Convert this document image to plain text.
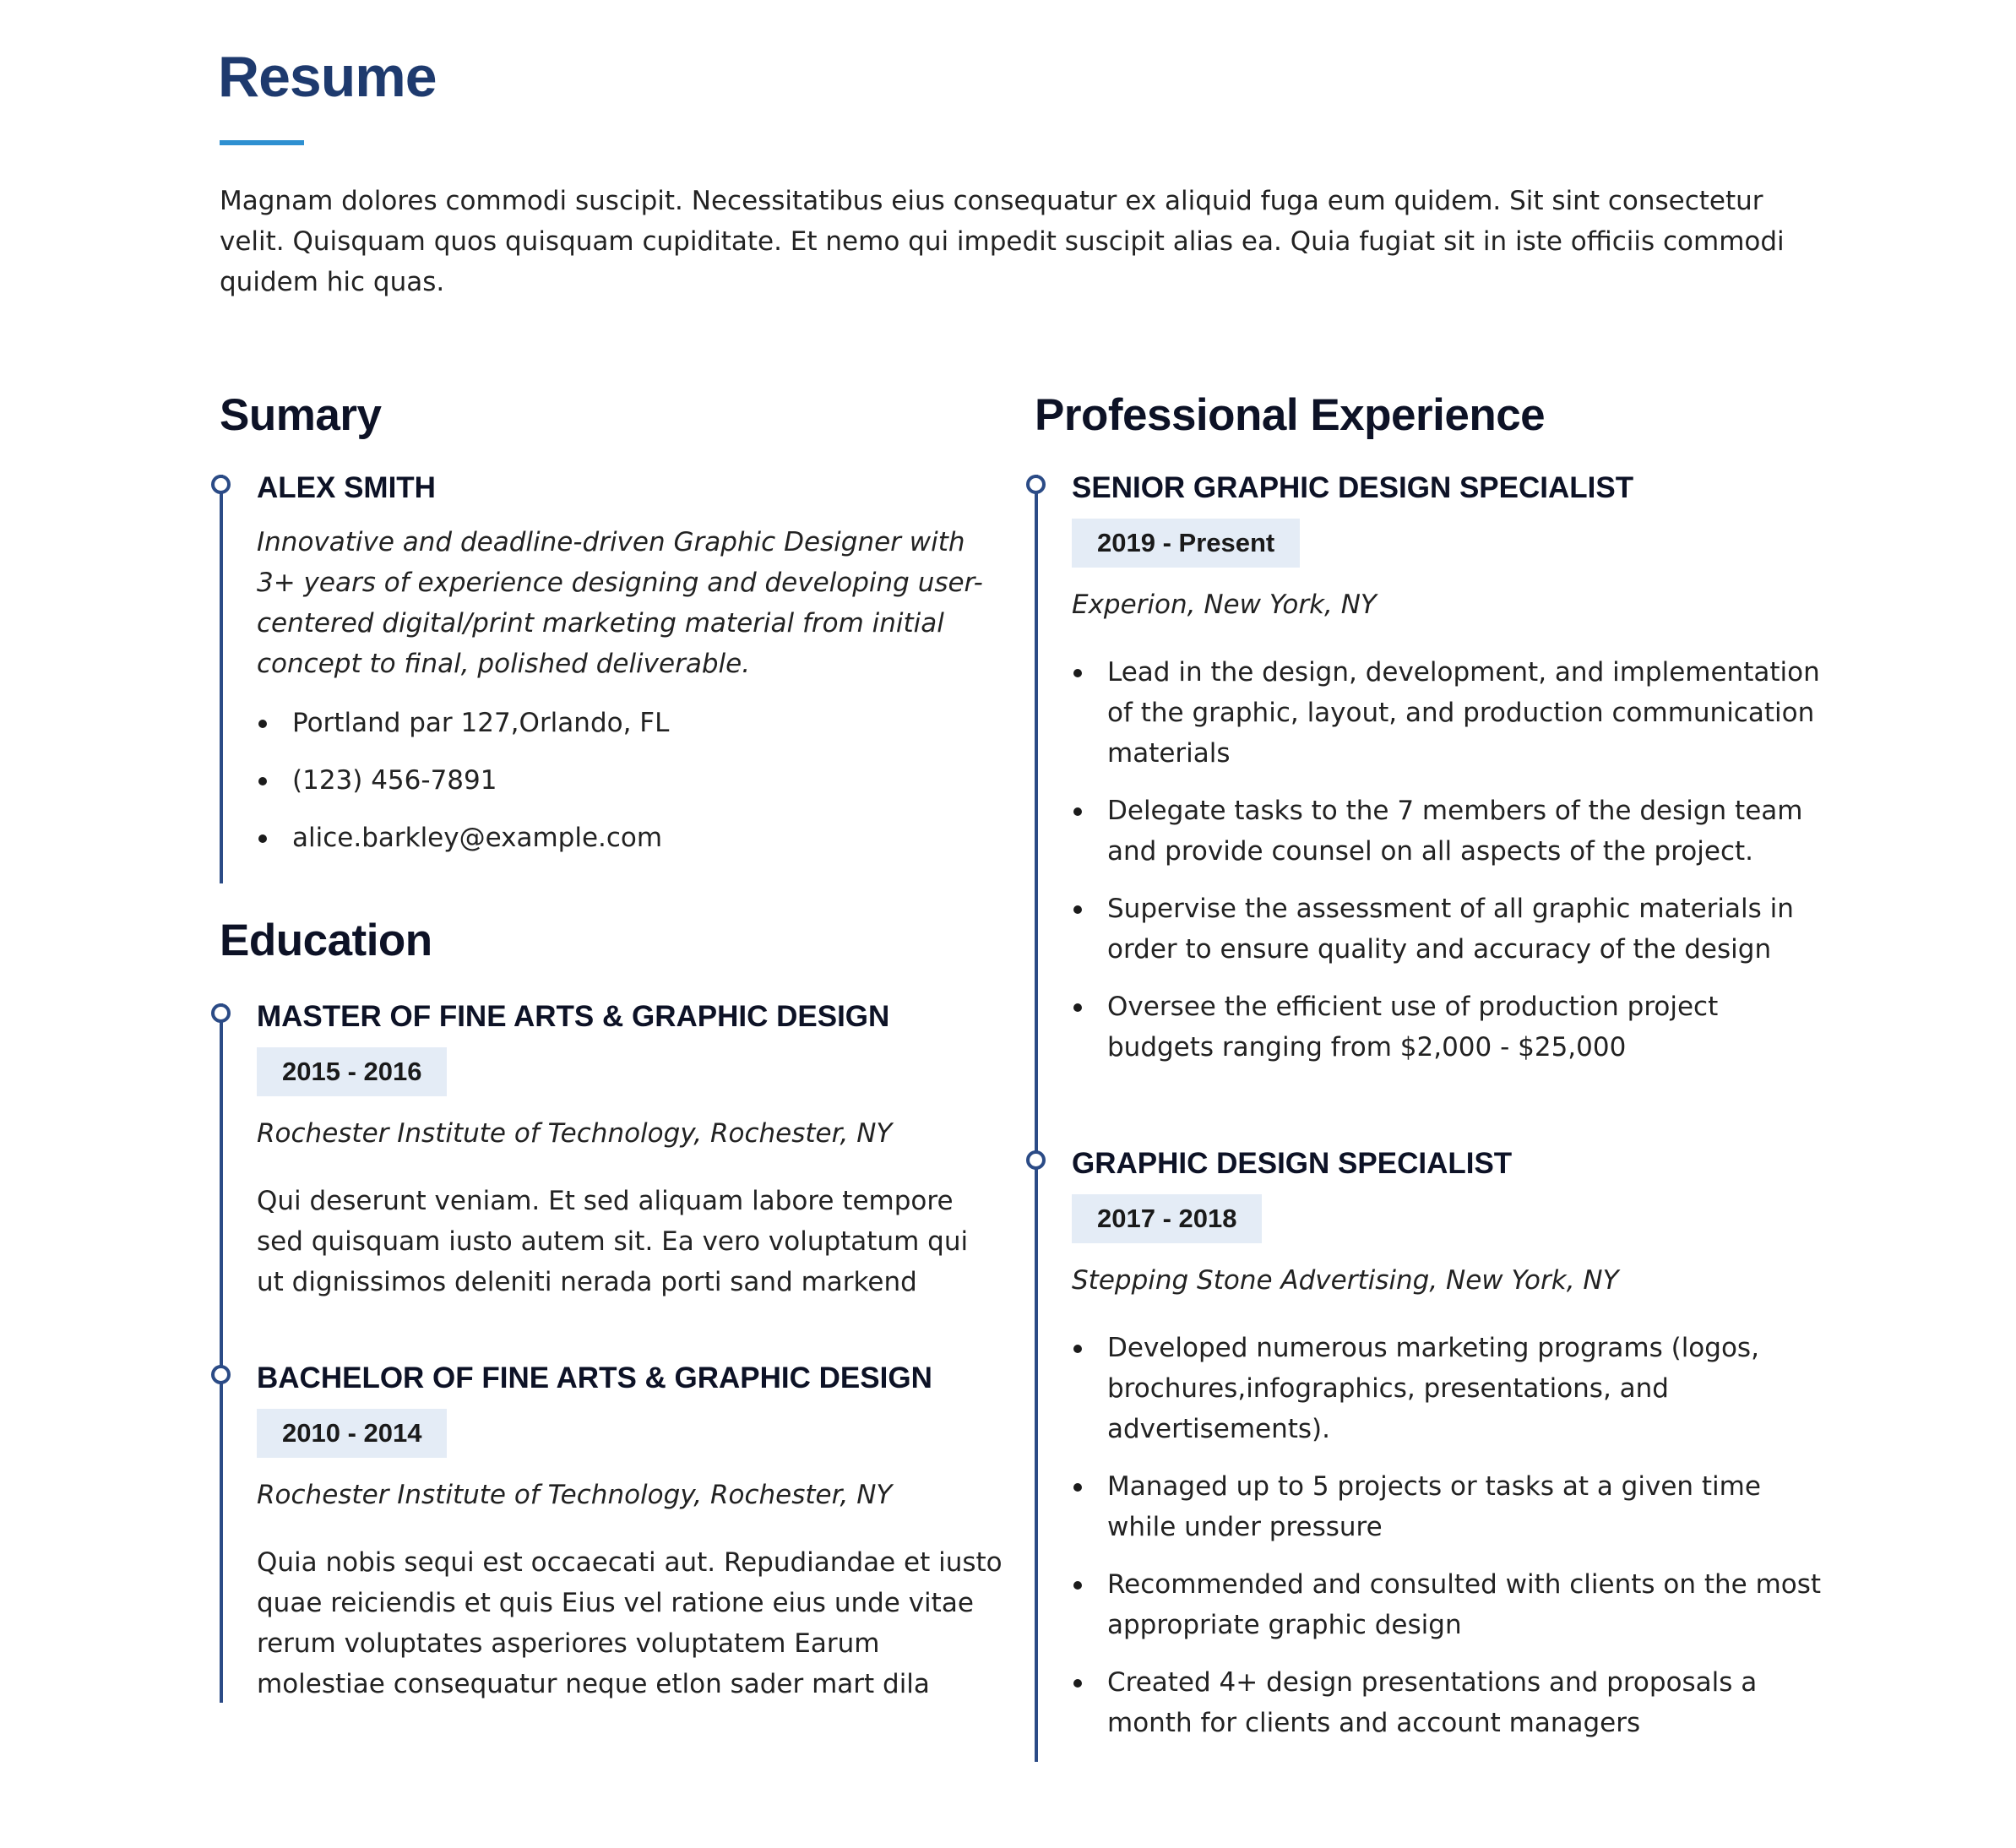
Resume

Magnam dolores commodi suscipit. Necessitatibus eius consequatur ex aliquid fuga eum quidem. Sit sint consectetur velit. Quisquam quos quisquam cupiditate. Et nemo qui impedit suscipit alias ea. Quia fugiat sit in iste officiis commodi quidem hic quas.

Sumary
ALEX SMITH

Innovative and deadline-driven Graphic Designer with 3+ years of experience designing and developing user-centered digital/print marketing material from initial concept to final, polished deliverable.

Portland par 127,Orlando, FL
(123) 456-7891
alice.barkley@example.com
Education
MASTER OF FINE ARTS & GRAPHIC DESIGN
2015 - 2016
Rochester Institute of Technology, Rochester, NY

Qui deserunt veniam. Et sed aliquam labore tempore sed quisquam iusto autem sit. Ea vero voluptatum qui ut dignissimos deleniti nerada porti sand markend

BACHELOR OF FINE ARTS & GRAPHIC DESIGN
2010 - 2014
Rochester Institute of Technology, Rochester, NY

Quia nobis sequi est occaecati aut. Repudiandae et iusto quae reiciendis et quis Eius vel ratione eius unde vitae rerum voluptates asperiores voluptatem Earum molestiae consequatur neque etlon sader mart dila

Professional Experience
SENIOR GRAPHIC DESIGN SPECIALIST
2019 - Present
Experion, New York, NY
Lead in the design, development, and implementation of the graphic, layout, and production communication materials
Delegate tasks to the 7 members of the design team and provide counsel on all aspects of the project.
Supervise the assessment of all graphic materials in order to ensure quality and accuracy of the design
Oversee the efficient use of production project budgets ranging from $2,000 - $25,000
GRAPHIC DESIGN SPECIALIST
2017 - 2018
Stepping Stone Advertising, New York, NY
Developed numerous marketing programs (logos, brochures,infographics, presentations, and advertisements).
Managed up to 5 projects or tasks at a given time while under pressure
Recommended and consulted with clients on the most appropriate graphic design
Created 4+ design presentations and proposals a month for clients and account managers
